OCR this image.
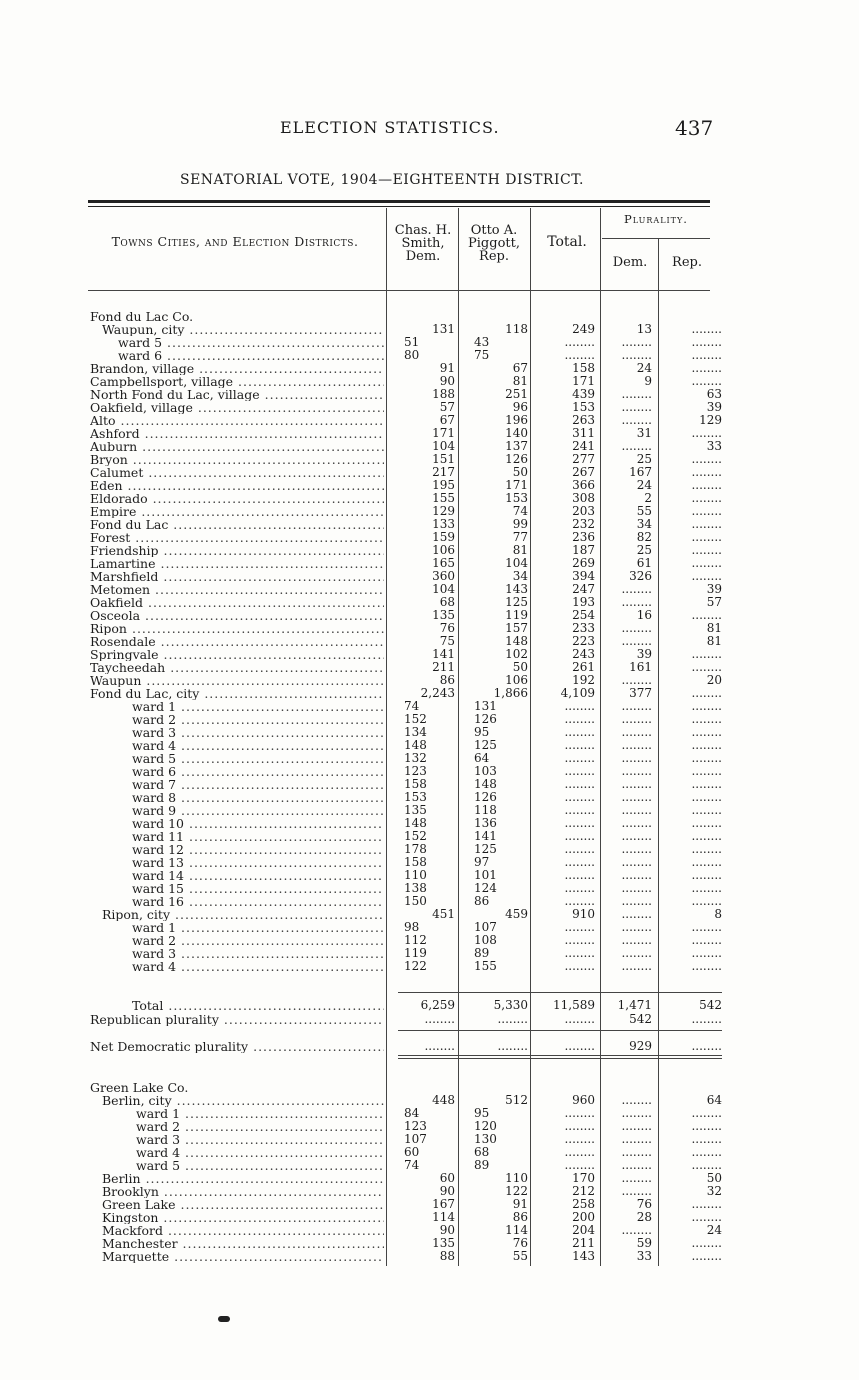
ELECTION STATISTICS.	437
SENATORIAL VOTE, 1904—EIGHTEENTH DISTRICT.
Towns Cities, and Election Districts.
Chas. H.
Smith,
Dem.
Otto A.
Piggott,
Rep.
Total.
Plurality.
Dem.	Rep.
Fond du Lac Co.
Waupun, city .....	131	118	249	13	........
ward 5 .....	51	43	........	........	........
ward 6 .....	80	75	........	........	........
Brandon, village .....	91	67	158	24	........
Campbellsport, village .....	90	81	171	9	........
North Fond du Lac, village .....	188	251	439	........	63
Oakfield, village .....	57	96	153	........	39
Alto .....	67	196	263	........	129
Ashford .....	171	140	311	31	........
Auburn .....	104	137	241	........	33
Bryon .....	151	126	277	25	........
Calumet .....	217	50	267	167	........
Eden .....	195	171	366	24	........
Eldorado .....	155	153	308	2	........
Empire .....	129	74	203	55	........
Fond du Lac .....	133	99	232	34	........
Forest .....	159	77	236	82	........
Friendship .....	106	81	187	25	........
Lamartine .....	165	104	269	61	........
Marshfield .....	360	34	394	326	........
Metomen .....	104	143	247	........	39
Oakfield .....	68	125	193	........	57
Osceola .....	135	119	254	16	........
Ripon .....	76	157	233	........	81
Rosendale .....	75	148	223	........	81
Springvale .....	141	102	243	39	........
Taycheedah .....	211	50	261	161	........
Waupun .....	86	106	192	........	20
Fond du Lac, city .....	2,243	1,866	4,109	377	........
ward 1 .....	74	131	........	........	........
ward 2 .....	152	126	........	........	........
ward 3 .....	134	95	........	........	........
ward 4 .....	148	125	........	........	........
ward 5 .....	132	64	........	........	........
ward 6 .....	123	103	........	........	........
ward 7 .....	158	148	........	........	........
ward 8 .....	153	126	........	........	........
ward 9 .....	135	118	........	........	........
ward 10 .....	148	136	........	........	........
ward 11 .....	152	141	........	........	........
ward 12 .....	178	125	........	........	........
ward 13 .....	158	97	........	........	........
ward 14 .....	110	101	........	........	........
ward 15 .....	138	124	........	........	........
ward 16 .....	150	86	........	........	........
Ripon, city .....	451	459	910	........	8
ward 1 .....	98	107	........	........	........
ward 2 .....	112	108	........	........	........
ward 3 .....	119	89	........	........	........
ward 4 .....	122	155	........	........	........
Total .....	6,259	5,330	11,589	1,471	542
Republican plurality .....	........	........	........	542	........
Net Democratic plurality .....	........	........	........	929	........
Green Lake Co.
Berlin, city .....	448	512	960	........	64
ward 1 .....	84	95	........	........	........
ward 2 .....	123	120	........	........	........
ward 3 .....	107	130	........	........	........
ward 4 .....	60	68	........	........	........
ward 5 .....	74	89	........	........	........
Berlin .....	60	110	170	........	50
Brooklyn .....	90	122	212	........	32
Green Lake .....	167	91	258	76	........
Kingston .....	114	86	200	28	........
Mackford .....	90	114	204	........	24
Manchester .....	135	76	211	59	........
Marquette .....	88	55	143	33	........
